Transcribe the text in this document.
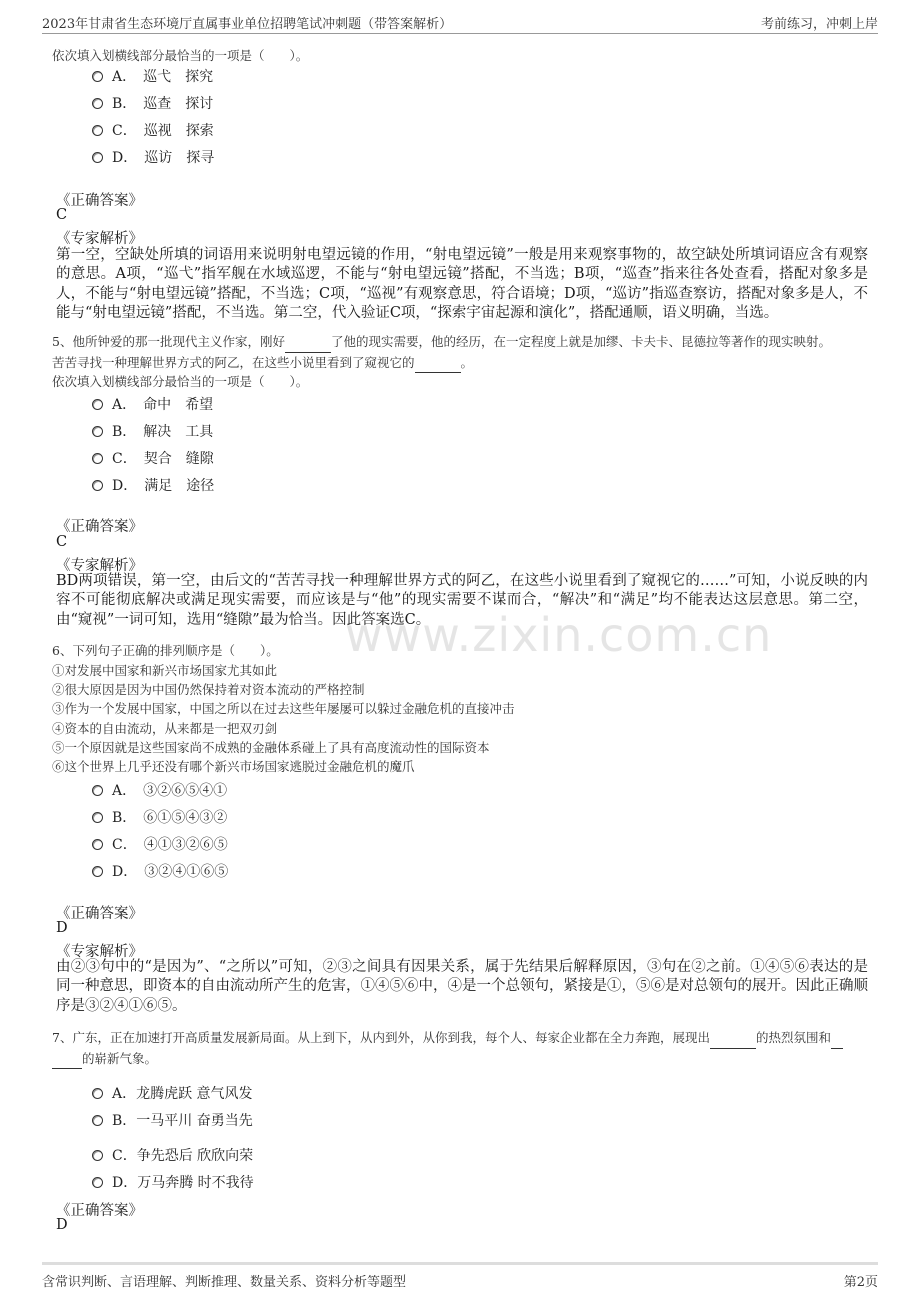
2023年甘肃省生态环境厅直属事业单位招聘笔试冲刺题（带答案解析）	考前练习，冲刺上岸
依次填入划横线部分最恰当的一项是（　　）。
A．　巡弋　探究
B．　巡查　探讨
C．　巡视　探索
D．　巡访　探寻
《正确答案》
C
《专家解析》
第一空，空缺处所填的词语用来说明射电望远镜的作用，“射电望远镜”一般是用来观察事物的，故空缺处所填词语应含有观察的意思。A项，“巡弋”指军舰在水域巡逻，不能与“射电望远镜”搭配，不当选；B项，“巡查”指来往各处查看，搭配对象多是人，不能与“射电望远镜”搭配，不当选；C项，“巡视”有观察意思，符合语境；D项，“巡访”指巡查察访，搭配对象多是人，不能与“射电望远镜”搭配，不当选。第二空，代入验证C项，“探索宇宙起源和演化”，搭配通顺，语义明确，当选。
5、他所钟爱的那一批现代主义作家，刚好	了他的现实需要，他的经历，在一定程度上就是加缪、卡夫卡、昆德拉等著作的现实映射。
苦苦寻找一种理解世界方式的阿乙，在这些小说里看到了窥视它的	。
依次填入划横线部分最恰当的一项是（　　）。
A．　命中　希望
B．　解决　工具
C．　契合　缝隙
D．　满足　途径
《正确答案》
C
《专家解析》
BD两项错误，第一空，由后文的“苦苦寻找一种理解世界方式的阿乙，在这些小说里看到了窥视它的……”可知，小说反映的内容不可能彻底解决或满足现实需要，而应该是与“他”的现实需要不谋而合，“解决”和“满足”均不能表达这层意思。第二空，由“窥视”一词可知，选用“缝隙”最为恰当。因此答案选C。
www.zixin.com.cn
6、下列句子正确的排列顺序是（　　）。
①对发展中国家和新兴市场国家尤其如此
②很大原因是因为中国仍然保持着对资本流动的严格控制
③作为一个发展中国家，中国之所以在过去这些年屡屡可以躲过金融危机的直接冲击
④资本的自由流动，从来都是一把双刃剑
⑤一个原因就是这些国家尚不成熟的金融体系碰上了具有高度流动性的国际资本
⑥这个世界上几乎还没有哪个新兴市场国家逃脱过金融危机的魔爪
A．　③②⑥⑤④①
B．　⑥①⑤④③②
C．　④①③②⑥⑤
D．　③②④①⑥⑤
《正确答案》
D
《专家解析》
由②③句中的“是因为”、“之所以”可知，②③之间具有因果关系，属于先结果后解释原因，③句在②之前。①④⑤⑥表达的是同一种意思，即资本的自由流动所产生的危害，①④⑤⑥中，④是一个总领句，紧接是①，⑤⑥是对总领句的展开。因此正确顺序是③②④①⑥⑤。
7、广东，正在加速打开高质量发展新局面。从上到下，从内到外，从你到我，每个人、每家企业都在全力奔跑，展现出	的热烈氛围和
的崭新气象。
A．龙腾虎跃 意气风发
B．一马平川 奋勇当先
C．争先恐后 欣欣向荣
D．万马奔腾 时不我待
《正确答案》
D
含常识判断、言语理解、判断推理、数量关系、资料分析等题型	第2页
